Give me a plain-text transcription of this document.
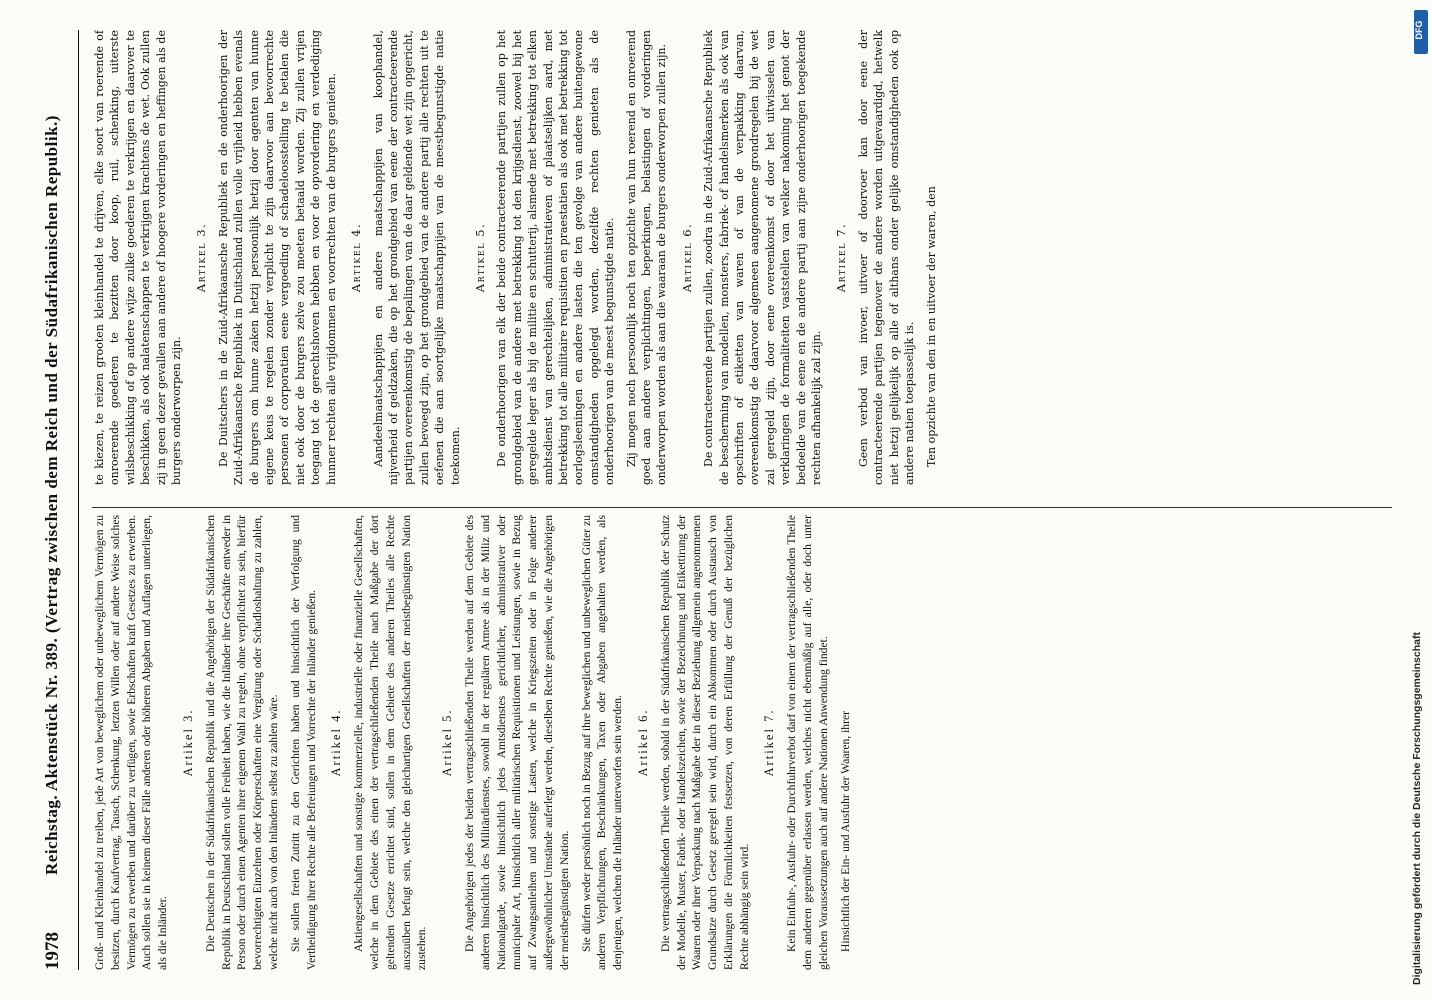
1978
Reichstag. Aktenstück Nr. 389. (Vertrag zwischen dem Reich und der Südafrikanischen Republik.)	Groß- und Kleinhandel zu treiben, jede Art von beweglichem oder unbeweglichem Vermögen zu besitzen, durch Kaufvertrag, Tausch, Schenkung, letzten Willen oder auf andere Weise solches Vermögen zu erwerben und darüber zu verfügen, sowie Erbschaften kraft Gesetzes zu erwerben. Auch sollen sie in keinem dieser Fälle anderen oder höheren Abgaben und Auflagen unterliegen, als die Inländer.

Artikel 3. Die Deutschen in der Südafrikanischen Republik und die Angehörigen der Südafrikanischen Republik in Deutschland sollen volle Freiheit haben, wie die Inländer ihre Geschäfte entweder in Person oder durch einen Agenten ihrer eigenen Wahl zu regeln, ohne verpflichtet zu sein, hierfür bevorrechtigten Einzelnen oder Körperschaften eine Vergütung oder Schadloshaltung zu zahlen, welche nicht auch von den Inländern selbst zu zahlen wäre. Sie sollen freien Zutritt zu den Gerichten haben und hinsichtlich der Verfolgung und Vertheidigung ihrer Rechte alle Befreiungen und Vorrechte der Inländer genießen. Artikel 4. Aktiengesellschaften und sonstige kommerzielle, industrielle oder finanzielle Gesellschaften, welche in dem Gebiete des einen der vertragschließenden Theile nach Maßgabe der dort geltenden Gesetze errichtet sind, sollen in dem Gebiete des anderen Theiles alle Rechte auszuüben befugt sein, welche den gleichartigen Gesellschaften der meistbegünstigten Nation zustehen.

Artikel 5. Die Angehörigen jedes der beiden vertragschließenden Theile werden auf dem Gebiete des anderen hinsichtlich des Militärdienstes, sowohl in der regulären Armee als in der Miliz und Nationalgarde, sowie hinsichtlich jedes Amtsdienstes gerichtlicher, administrativer oder municipaler Art, hinsichtlich aller militärischen Requisitionen und Leistungen, sowie in Bezug auf Zwangsanleihen und sonstige Lasten, welche in Kriegszeiten oder in Folge anderer außergewöhnlicher Umstände auferlegt werden, dieselben Rechte genießen, wie die Angehörigen der meistbegünstigten Nation. Sie dürfen weder persönlich noch in Bezug auf ihre beweglichen und unbeweglichen Güter zu anderen Verpflichtungen, Beschränkungen, Taxen oder Abgaben angehalten werden, als denjenigen, welchen die Inländer unterworfen sein werden. Artikel 6. Die vertragschließenden Theile werden, sobald in der Südafrikanischen Republik der Schutz der Modelle, Muster, Fabrik- oder Handelszeichen, sowie der Bezeichnung und Etikettirung der Waaren oder ihrer Verpackung nach Maßgabe der in dieser Beziehung allgemein angenommenen Grundsätze durch Gesetz geregelt sein wird, durch ein Abkommen oder durch Austausch von Erklärungen die Förmlichkeiten festsetzen, von deren Erfüllung der Genuß der bezüglichen Rechte abhängig sein wird.

Artikel 7. Kein Einfuhr-, Ausfuhr- oder Durchfuhrverbot darf von einem der vertragschließenden Theile dem anderen gegenüber erlassen werden, welches nicht ebenmäßig auf alle, oder doch unter gleichen Voraussetzungen auch auf andere Nationen Anwendung findet. Hinsichtlich der Ein- und Ausfuhr der Waaren, ihrer

te kiezen, te reizen grooten kleinhandel te drijven, elke soort van roerende of onroerende goederen te bezitten door koop, ruil, schenking, uiterste wilsbeschikking of op andere wijze zulke goederen te verkrijgen en daarover te beschikken, als ook nalatenschappen te verkrijgen krachtens de wet. Ook zullen zij in geen dezer gevallen aan andere of hoogere vorderingen en heffingen als de burgers onderworpen zijn.

Artikel 3. De Duitschers in de Zuid-Afrikaansche Republiek en de onderhoorigen der Zuid-Afrikaansche Republiek in Duitschland zullen volle vrijheid hebben evenals de burgers om hunne zaken hetzij persoonlijk hetzij door agenten van hunne eigene keus te regelen zonder verplicht te zijn daarvoor aan bevoorrechte personen of corporatien eene vergoeding of schadeloosstelling te betalen die niet ook door de burgers zelve zou moeten betaald worden. Zij zullen vrijen toegang tot de gerechtshoven hebben en voor de opvordering en verdediging hunner rechten alle vrijdommen en voorrechten van de burgers genieten. Artikel 4. Aandeelmaatschappijen en andere maatschappijen van koophandel, nijverheid of geldzaken, die op het grondgebied van eene der contracteerende partijen overeenkomstig de bepalingen van de daar geldende wet zijn opgericht, zullen bevoegd zijn, op het grondgebied van de andere partij alle rechten uit te oefenen die aan soortgelijke maatschappijen van de meestbegunstigde natie toekomen.

Artikel 5. De onderhoorigen van elk der beide contracteerende partijen zullen op het grondgebied van de andere met betrekking tot den krijgsdienst, zoowel bij het geregelde leger als bij de militie en schutterij, alsmede met betrekking tot elken ambtsdienst van gerechtelijken, administratieven of plaatselijken aard, met betrekking tot alle militaire requisitien en praestatien als ook met betrekking tot oorlogsleeningen en andere lasten die ten gevolge van andere buitengewone omstandigheden opgelegd worden, dezelfde rechten genieten als de onderhoorigen van de meest begunstigde natie. Zij mogen noch persoonlijk noch ten opzichte van hun roerend en onroerend goed aan andere verplichtingen, beperkingen, belastingen of vorderingen onderworpen worden als aan die waaraan de burgers onderworpen zullen zijn. Artikel 6. De contracteerende partijen zullen, zoodra in de Zuid-Afrikaansche Republiek de bescherming van modellen, monsters, fabriek- of handelsmerken als ook van opschriften of etiketten van waren of van de verpakking daarvan, overeenkomstig de daarvoor algemeen aangenomene grondregelen bij de wet zal geregeld zijn, door eene overeenkomst of door het uitwisselen van verklaringen de formaliteiten vaststellen van welker nakoming het genot der bedoelde van de eene en de andere partij aan zijne onderhoorigen toegekende rechten afhankelijk zal zijn.

Artikel 7. Geen verbod van invoer, uitvoer of doorvoer kan door eene der contracteerende partijen tegenover de andere worden uitgevaardigd, hetwelk niet hetzij gelijkelijk op alle of althans onder gelijke omstandigheden ook op andere natien toepasselijk is. Ten opzichte van den in en uitvoer der waren, den

DFG
Digitalisierung gefördert durch die Deutsche Forschungsgemeinschaft
